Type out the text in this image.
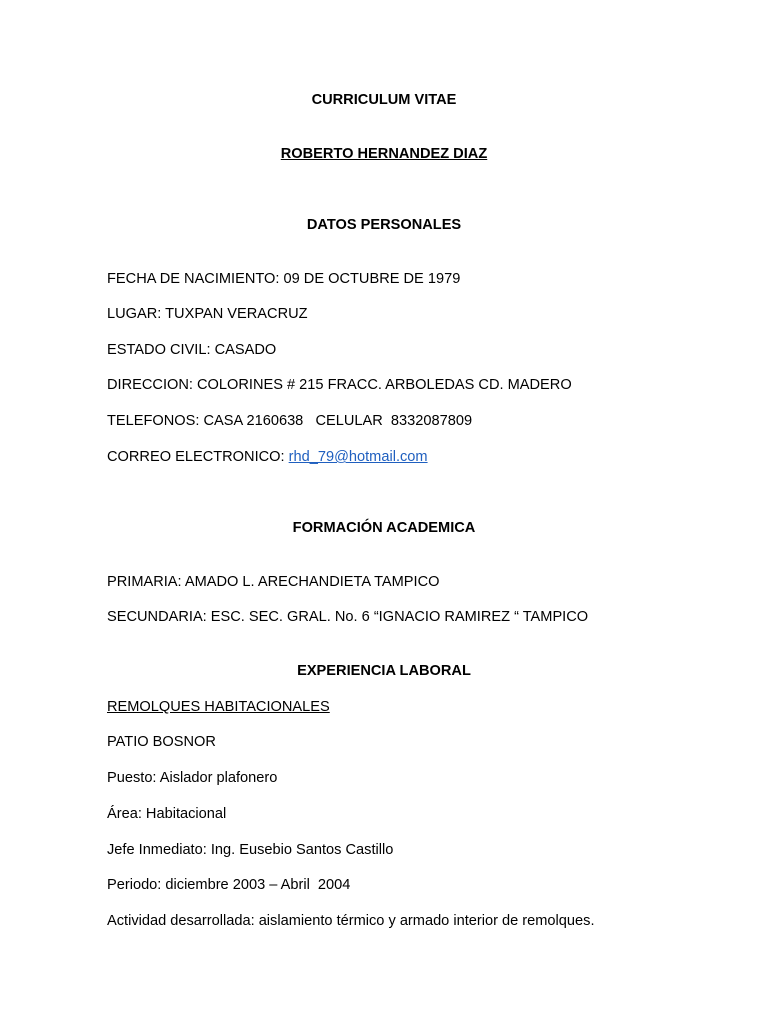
CURRICULUM VITAE
ROBERTO HERNANDEZ DIAZ
DATOS PERSONALES
FECHA DE NACIMIENTO: 09 DE OCTUBRE DE 1979
LUGAR: TUXPAN VERACRUZ
ESTADO CIVIL: CASADO
DIRECCION: COLORINES # 215 FRACC. ARBOLEDAS CD. MADERO
TELEFONOS: CASA 2160638   CELULAR  8332087809
CORREO ELECTRONICO: rhd_79@hotmail.com
FORMACIÓN ACADEMICA
PRIMARIA: AMADO L. ARECHANDIETA TAMPICO
SECUNDARIA: ESC. SEC. GRAL. No. 6 “IGNACIO RAMIREZ “ TAMPICO
EXPERIENCIA LABORAL
REMOLQUES HABITACIONALES
PATIO BOSNOR
Puesto: Aislador plafonero
Área: Habitacional
Jefe Inmediato: Ing. Eusebio Santos Castillo
Periodo: diciembre 2003 – Abril  2004
Actividad desarrollada: aislamiento térmico y armado interior de remolques.
